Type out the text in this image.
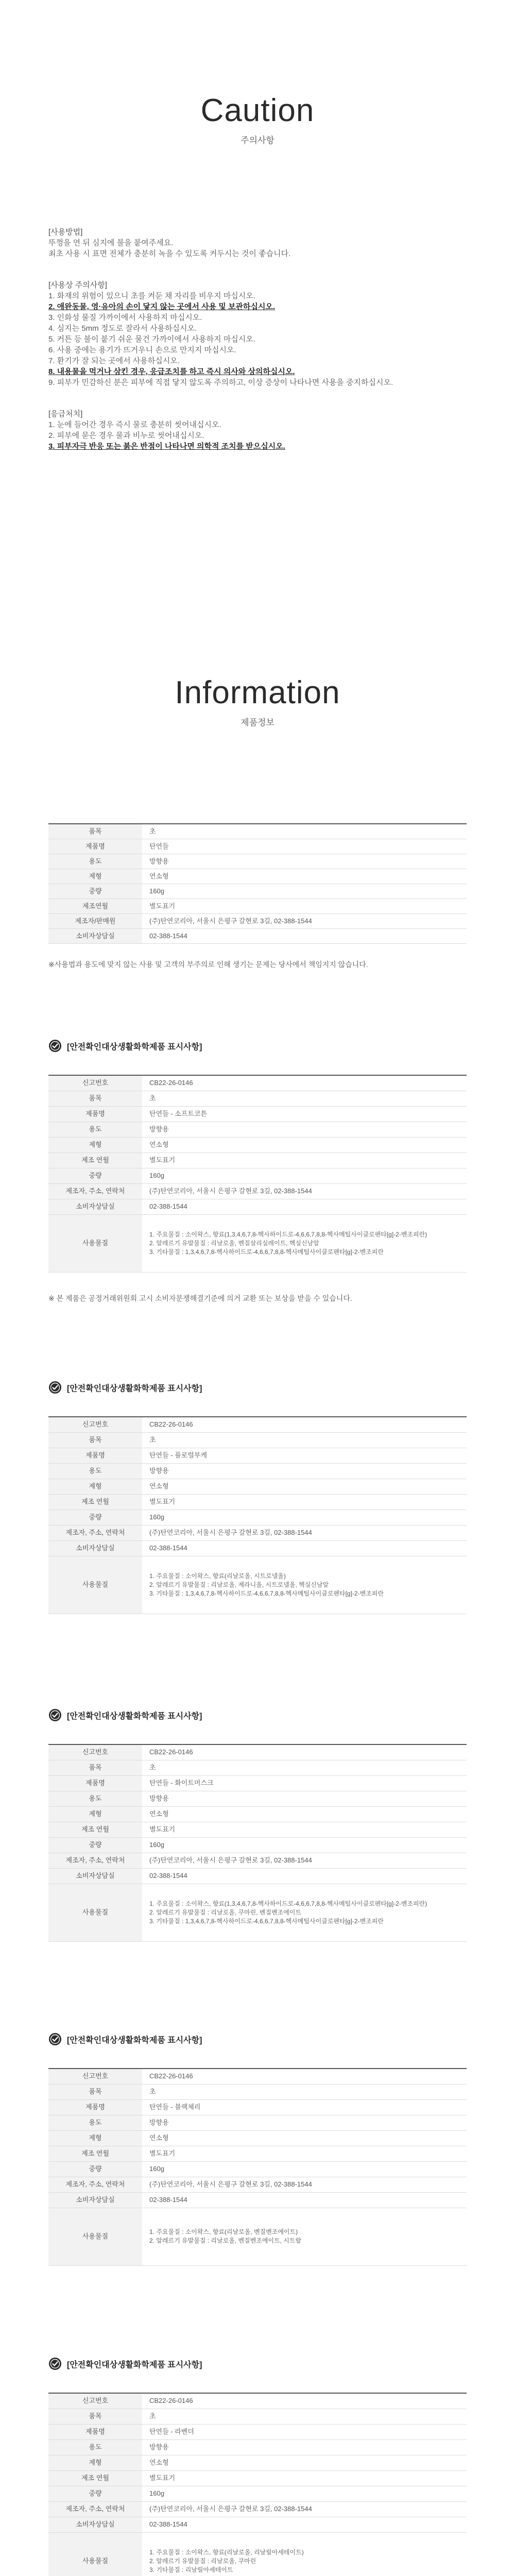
Caution

주의사항

[사용방법]

뚜껑을 연 뒤 심지에 불을 붙여주세요.

최초 사용 시 표면 전체가 충분히 녹을 수 있도록 켜두시는 것이 좋습니다.

[사용상 주의사항]

1. 화재의 위험이 있으니 초를 켜둔 채 자리를 비우지 마십시오.

2. 애완동물, 영·유아의 손이 닿지 않는 곳에서 사용 및 보관하십시오.

3. 인화성 물질 가까이에서 사용하지 마십시오.

4. 심지는 5mm 정도로 잘라서 사용하십시오.

5. 커튼 등 불이 붙기 쉬운 물건 가까이에서 사용하지 마십시오.

6. 사용 중에는 용기가 뜨거우니 손으로 만지지 마십시오.

7. 환기가 잘 되는 곳에서 사용하십시오.

8. 내용물을 먹거나 삼킨 경우, 응급조치를 하고 즉시 의사와 상의하십시오.

9. 피부가 민감하신 분은 피부에 직접 닿지 않도록 주의하고, 이상 증상이 나타나면 사용을 중지하십시오.

[응급처치]

1. 눈에 들어간 경우 즉시 물로 충분히 씻어내십시오.

2. 피부에 묻은 경우 물과 비누로 씻어내십시오.

3. 피부자극 반응 또는 붉은 반점이 나타나면 의학적 조치를 받으십시오.

Information

제품정보

품목	초
제품명	탄연들
용도	방향용
제형	연소형
중량	160g
제조연월	별도표기
제조자/판매원	(주)탄연코리아, 서울시 은평구 갈현로 3길, 02-388-1544
소비자상담실	02-388-1544

※사용법과 용도에 맞지 않는 사용 및 고객의 부주의로 인해 생기는 문제는 당사에서 책임지지 않습니다.

[안전확인대상생활화학제품 표시사항]
신고번호	CB22-26-0146
품목	초
제품명	탄연들 - 소프트코튼
용도	방향용
제형	연소형
제조 연월	별도표기
중량	160g
제조자, 주소, 연락처	(주)탄연코리아, 서울시 은평구 갈현로 3길, 02-388-1544
소비자상담실	02-388-1544
사용물질	1. 주요물질 : 소이왁스, 향료(1,3,4,6,7,8-헥사하이드로-4,6,6,7,8,8-헥사메틸사이클로펜타[g]-2-벤조피란)
2. 알레르기 유발물질 : 리날로올, 벤질살리실레이트, 헥실신남알
3. 기타물질 : 1,3,4,6,7,8-헥사하이드로-4,6,6,7,8,8-헥사메틸사이클로펜타[g]-2-벤조피란

※ 본 제품은 공정거래위원회 고시 소비자분쟁해결기준에 의거 교환 또는 보상을 받을 수 있습니다.

[안전확인대상생활화학제품 표시사항]
신고번호	CB22-26-0146
품목	초
제품명	탄연들 - 플로럴부케
용도	방향용
제형	연소형
제조 연월	별도표기
중량	160g
제조자, 주소, 연락처	(주)탄연코리아, 서울시 은평구 갈현로 3길, 02-388-1544
소비자상담실	02-388-1544
사용물질	1. 주요물질 : 소이왁스, 향료(리날로올, 시트로넬올)
2. 알레르기 유발물질 : 리날로올, 제라니올, 시트로넬올, 헥실신남알
3. 기타물질 : 1,3,4,6,7,8-헥사하이드로-4,6,6,7,8,8-헥사메틸사이클로펜타[g]-2-벤조피란
[안전확인대상생활화학제품 표시사항]
신고번호	CB22-26-0146
품목	초
제품명	탄연들 - 화이트머스크
용도	방향용
제형	연소형
제조 연월	별도표기
중량	160g
제조자, 주소, 연락처	(주)탄연코리아, 서울시 은평구 갈현로 3길, 02-388-1544
소비자상담실	02-388-1544
사용물질	1. 주요물질 : 소이왁스, 향료(1,3,4,6,7,8-헥사하이드로-4,6,6,7,8,8-헥사메틸사이클로펜타[g]-2-벤조피란)
2. 알레르기 유발물질 : 리날로올, 쿠마린, 벤질벤조에이트
3. 기타물질 : 1,3,4,6,7,8-헥사하이드로-4,6,6,7,8,8-헥사메틸사이클로펜타[g]-2-벤조피란
[안전확인대상생활화학제품 표시사항]
신고번호	CB22-26-0146
품목	초
제품명	탄연들 - 블랙체리
용도	방향용
제형	연소형
제조 연월	별도표기
중량	160g
제조자, 주소, 연락처	(주)탄연코리아, 서울시 은평구 갈현로 3길, 02-388-1544
소비자상담실	02-388-1544
사용물질	1. 주요물질 : 소이왁스, 향료(리날로올, 벤질벤조에이트)
2. 알레르기 유발물질 : 리날로올, 벤질벤조에이트, 시트랄
[안전확인대상생활화학제품 표시사항]
신고번호	CB22-26-0146
품목	초
제품명	탄연들 - 라벤더
용도	방향용
제형	연소형
제조 연월	별도표기
중량	160g
제조자, 주소, 연락처	(주)탄연코리아, 서울시 은평구 갈현로 3길, 02-388-1544
소비자상담실	02-388-1544
사용물질	1. 주요물질 : 소이왁스, 향료(리날로올, 리날릴아세테이트)
2. 알레르기 유발물질 : 리날로올, 쿠마린
3. 기타물질 : 리날릴아세테이트
